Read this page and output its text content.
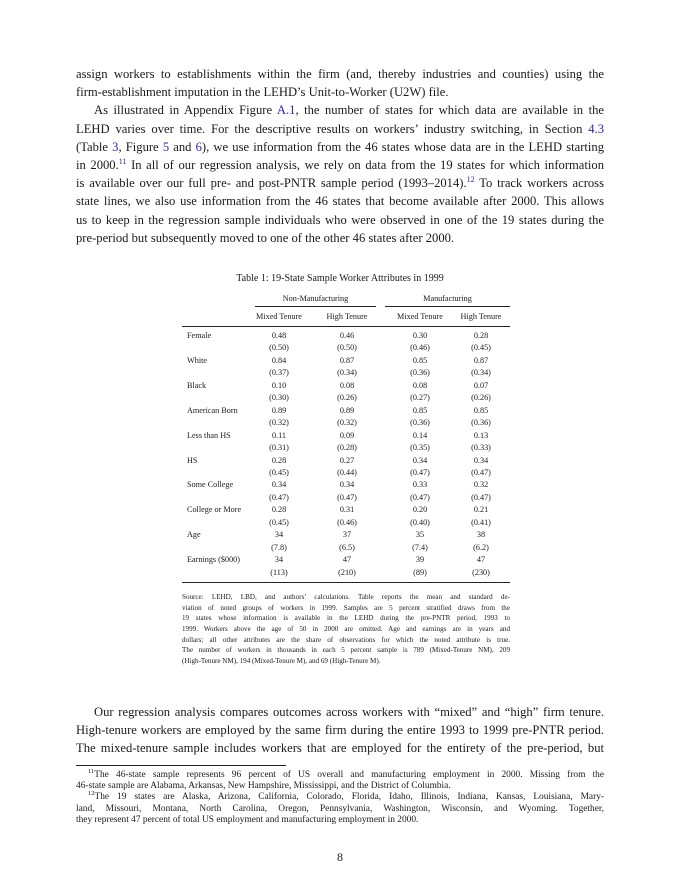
assign workers to establishments within the firm (and, thereby industries and counties) using the
firm-establishment imputation in the LEHD’s Unit-to-Worker (U2W) file.
As illustrated in Appendix Figure A.1, the number of states for which data are available in the
LEHD varies over time. For the descriptive results on workers’ industry switching, in Section 4.3
(Table 3, Figure 5 and 6), we use information from the 46 states whose data are in the LEHD starting
in 2000.11 In all of our regression analysis, we rely on data from the 19 states for which information
is available over our full pre- and post-PNTR sample period (1993–2014).$^{12}$ To track workers across
state lines, we also use information from the 46 states that become available after 2000. This allows
us to keep in the regression sample individuals who were observed in one of the 19 states during the
pre-period but subsequently moved to one of the other 46 states after 2000.
Table 1: 19-State Sample Worker Attributes in 1999
Non-Manufacturing	Manufacturing
Mixed Tenure	High Tenure	Mixed Tenure	High Tenure
Female	0.48	0.46	0.30	0.28
(0.50)	(0.50)	(0.46)	(0.45)
White	0.84	0.87	0.85	0.87
(0.37)	(0.34)	(0.36)	(0.34)
Black	0.10	0.08	0.08	0.07
(0.30)	(0.26)	(0.27)	(0.26)
American Born	0.89	0.89	0.85	0.85
(0.32)	(0.32)	(0.36)	(0.36)
Less than HS	0.11	0.09	0.14	0.13
(0.31)	(0.28)	(0.35)	(0.33)
HS	0.28	0.27	0.34	0.34
(0.45)	(0.44)	(0.47)	(0.47)
Some College	0.34	0.34	0.33	0.32
(0.47)	(0.47)	(0.47)	(0.47)
College or More	0.28	0.31	0.20	0.21
(0.45)	(0.46)	(0.40)	(0.41)
Age	34	37	35	38
(7.8)	(6.5)	(7.4)	(6.2)
Earnings ($000)	34	47	39	47
(113)	(210)	(89)	(230)
Source: LEHD, LBD, and authors’ calculations. Table reports the mean and standard de-
viation of noted groups of workers in 1999. Samples are 5 percent stratified draws from the
19 states whose information is available in the LEHD during the pre-PNTR period, 1993 to
1999. Workers above the age of 50 in 2000 are omitted. Age and earnings are in years and
dollars; all other attributes are the share of observations for which the noted attribute is true.
The number of workers in thousands in each 5 percent sample is 789 (Mixed-Tenure NM), 209
(High-Tenure NM), 194 (Mixed-Tenure M), and 69 (High-Tenure M).
Our regression analysis compares outcomes across workers with “mixed” and “high” firm tenure.
High-tenure workers are employed by the same firm during the entire 1993 to 1999 pre-PNTR period.
The mixed-tenure sample includes workers that are employed for the entirety of the pre-period, but
$^{11}$The 46-state sample represents 96 percent of US overall and manufacturing employment in 2000. Missing from the
46-state sample are Alabama, Arkansas, New Hampshire, Mississippi, and the District of Columbia.
$^{12}$The 19 states are Alaska, Arizona, California, Colorado, Florida, Idaho, Illinois, Indiana, Kansas, Louisiana, Mary-
land, Missouri, Montana, North Carolina, Oregon, Pennsylvania, Washington, Wisconsin, and Wyoming. Together,
they represent 47 percent of total US employment and manufacturing employment in 2000.
8
